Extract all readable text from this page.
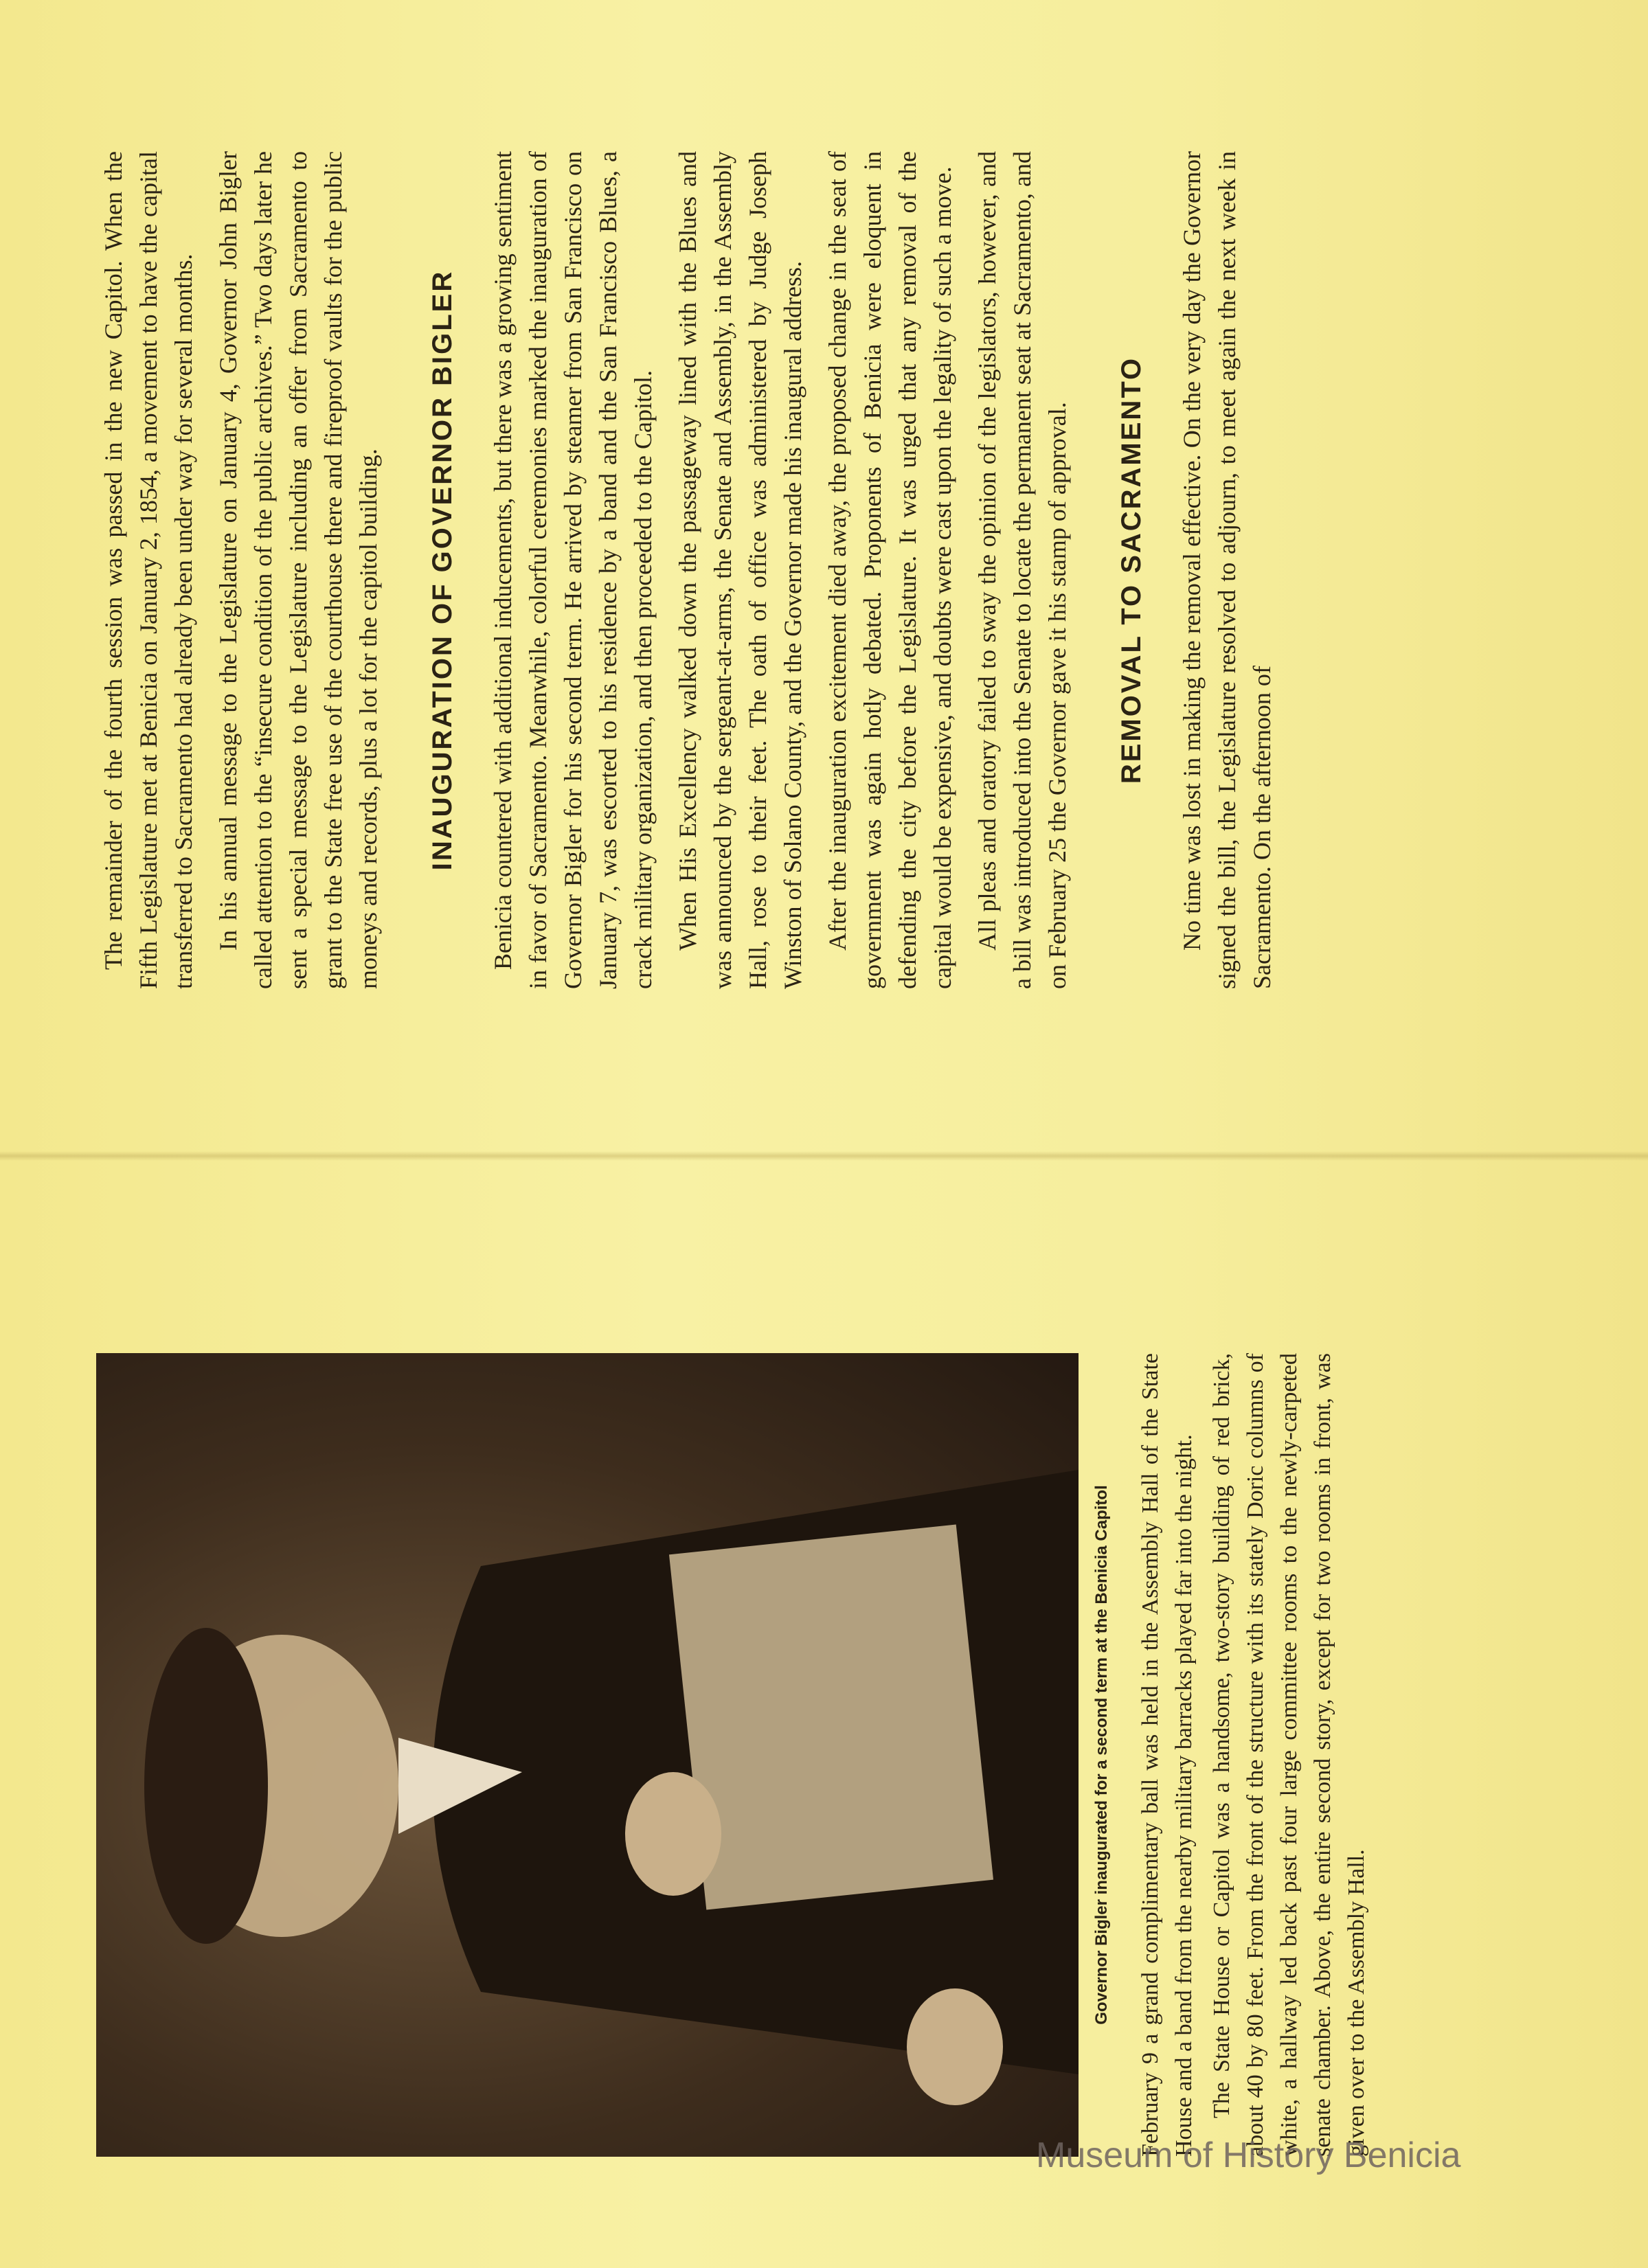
The remainder of the fourth session was passed in the new Capitol. When the Fifth Legislature met at Benicia on January 2, 1854, a movement to have the capital transferred to Sacramento had already been under way for several months. In his annual message to the Legislature on January 4, Governor John Bigler called attention to the “insecure condition of the public archives.” Two days later he sent a special message to the Legislature including an offer from Sacramento to grant to the State free use of the courthouse there and fireproof vaults for the public moneys and records, plus a lot for the capitol building. INAUGURATION OF GOVERNOR BIGLER Benicia countered with additional inducements, but there was a growing sentiment in favor of Sacramento. Meanwhile, colorful ceremonies marked the inauguration of Governor Bigler for his second term. He arrived by steamer from San Francisco on January 7, was escorted to his residence by a band and the San Francisco Blues, a crack military organization, and then proceeded to the Capitol. When His Excellency walked down the passageway lined with the Blues and was announced by the sergeant-at-arms, the Senate and Assembly, in the Assembly Hall, rose to their feet. The oath of office was administered by Judge Joseph Winston of Solano County, and the Governor made his inaugural address. After the inauguration excitement died away, the proposed change in the seat of government was again hotly debated. Proponents of Benicia were eloquent in defending the city before the Legislature. It was urged that any removal of the capital would be expensive, and doubts were cast upon the legality of such a move. All pleas and oratory failed to sway the opinion of the legislators, however, and a bill was introduced into the Senate to locate the permanent seat at Sacramento, and on February 25 the Governor gave it his stamp of approval. REMOVAL TO SACRAMENTO No time was lost in making the removal effective. On the very day the Governor signed the bill, the Legislature resolved to adjourn, to meet again the next week in Sacramento. On the afternoon of

Governor Bigler inaugurated for a second term at the Benicia Capitol February 9 a grand complimentary ball was held in the Assembly Hall of the State House and a band from the nearby military barracks played far into the night. The State House or Capitol was a handsome, two-story building of red brick, about 40 by 80 feet. From the front of the structure with its stately Doric columns of white, a hallway led back past four large committee rooms to the newly-carpeted senate chamber. Above, the entire second story, except for two rooms in front, was given over to the Assembly Hall.

Museum of History Benicia
